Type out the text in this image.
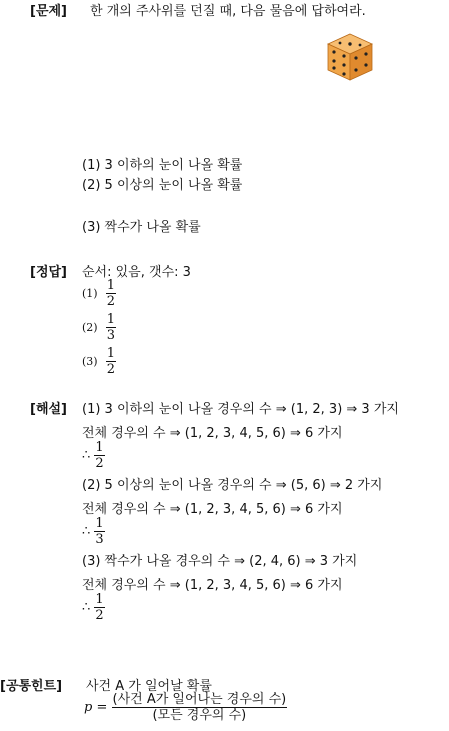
[문제] 한 개의 주사위를 던질 때, 다음 물음에 답하여라.
(1) 3 이하의 눈이 나올 확률
(2) 5 이상의 눈이 나올 확률
(3) 짝수가 나올 확률
[정답] 순서: 있음, 갯수: 3
$(1) \frac{1}{2}$
$(2) \frac{1}{3}$
$(3) \frac{1}{2}$
[해설] (1) 3 이하의 눈이 나올 경우의 수 ⇒ (1, 2, 3) ⇒ 3 가지
전체 경우의 수 ⇒ (1, 2, 3, 4, 5, 6) ⇒ 6 가지
∴ $\frac{1}{2}$
(2) 5 이상의 눈이 나올 경우의 수 ⇒ (5, 6) ⇒ 2 가지
전체 경우의 수 ⇒ (1, 2, 3, 4, 5, 6) ⇒ 6 가지
∴ $\frac{1}{3}$
(3) 짝수가 나올 경우의 수 ⇒ (2, 4, 6) ⇒ 3 가지
전체 경우의 수 ⇒ (1, 2, 3, 4, 5, 6) ⇒ 6 가지
∴ $\frac{1}{2}$
[공통힌트] 사건 A 가 일어날 확률
$p = \frac{\text{(사건 A가 일어나는 경우의 수)}}{\text{(모든 경우의 수)}}$
